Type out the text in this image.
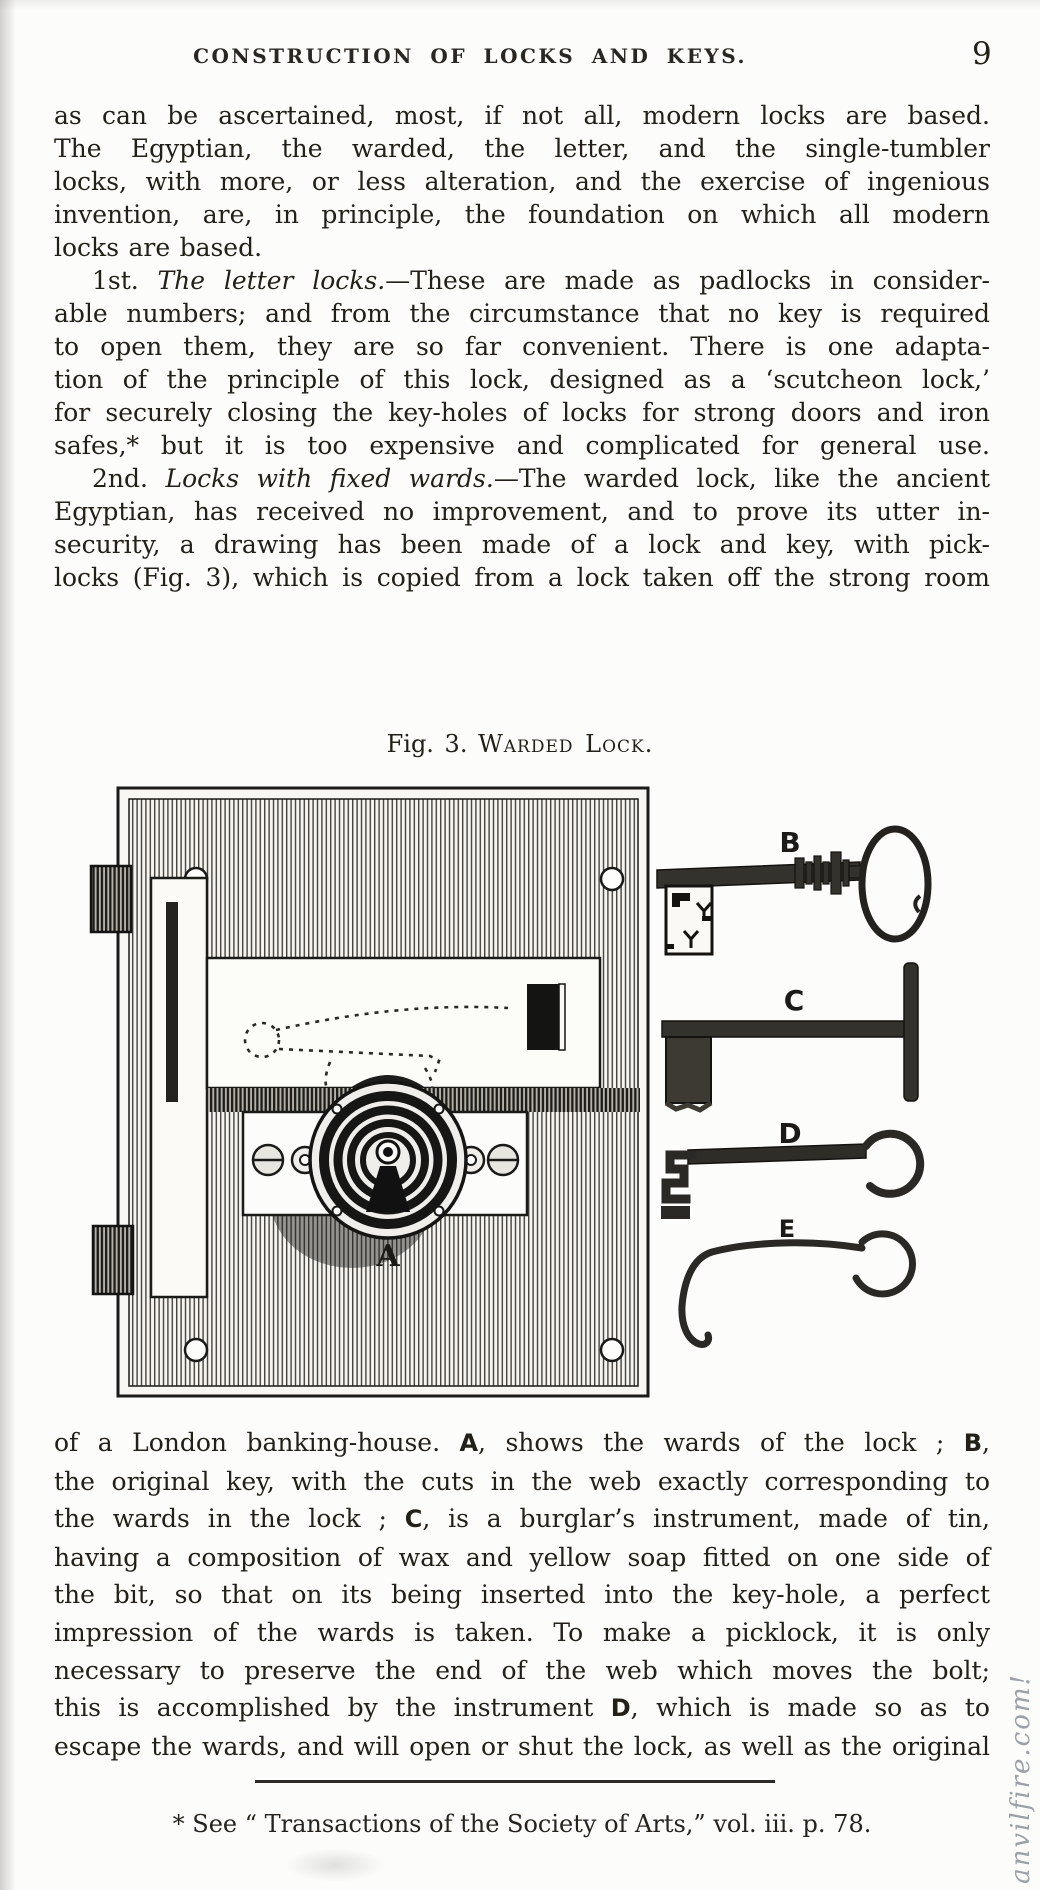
CONSTRUCTION OF LOCKS AND KEYS.	9
as can be ascertained, most, if not all, modern locks are based.
The Egyptian, the warded, the letter, and the single-tumbler
locks, with more, or less alteration, and the exercise of ingenious
invention, are, in principle, the foundation on which all modern
locks are based.
1st. The letter locks.—These are made as padlocks in consider-
able numbers; and from the circumstance that no key is required
to open them, they are so far convenient. There is one adapta-
tion of the principle of this lock, designed as a ‘scutcheon lock,’
for securely closing the key-holes of locks for strong doors and iron
safes,* but it is too expensive and complicated for general use.
2nd. Locks with fixed wards.—The warded lock, like the ancient
Egyptian, has received no improvement, and to prove its utter in-
security, a drawing has been made of a lock and key, with pick-
locks (Fig. 3), which is copied from a lock taken off the strong room
Fig. 3. Warded Lock.
A
B
C
D
E
of a London banking-house. A, shows the wards of the lock ; B,
the original key, with the cuts in the web exactly corresponding to
the wards in the lock ; C, is a burglar’s instrument, made of tin,
having a composition of wax and yellow soap fitted on one side of
the bit, so that on its being inserted into the key-hole, a perfect
impression of the wards is taken. To make a picklock, it is only
necessary to preserve the end of the web which moves the bolt;
this is accomplished by the instrument D, which is made so as to
escape the wards, and will open or shut the lock, as well as the original
* See “ Transactions of the Society of Arts,” vol. iii. p. 78.	anvilfire.com!
